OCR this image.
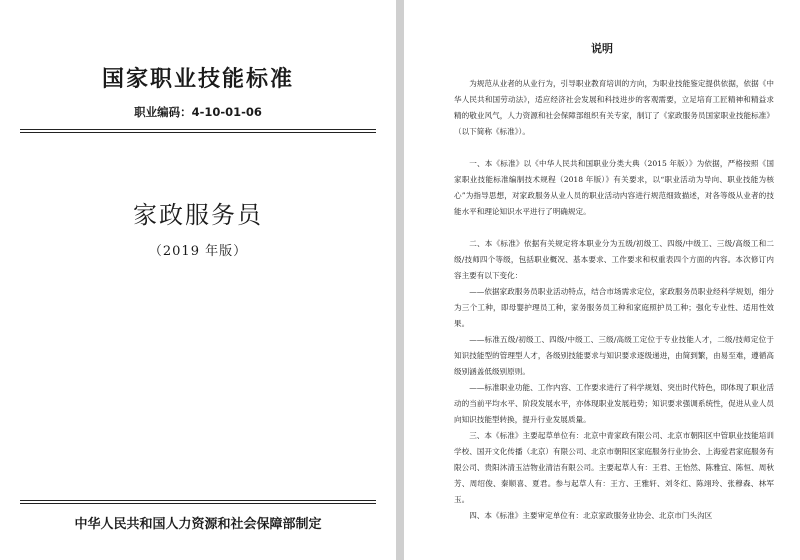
国家职业技能标准
职业编码：4-10-01-06
家政服务员
（2019 年版）
中华人民共和国人力资源和社会保障部制定
说明

为规范从业者的从业行为，引导职业教育培训的方向，为职业技能鉴定提供依据，依据《中华人民共和国劳动法》，适应经济社会发展和科技进步的客观需要，立足培育工匠精神和精益求精的敬业风气，人力资源和社会保障部组织有关专家，制订了《家政服务员国家职业技能标准》（以下简称《标准》）。

一、本《标准》以《中华人民共和国职业分类大典（2015 年版）》为依据，严格按照《国家职业技能标准编制技术规程（2018 年版）》有关要求，以“职业活动为导向、职业技能为核心”为指导思想，对家政服务从业人员的职业活动内容进行规范细致描述，对各等级从业者的技能水平和理论知识水平进行了明确规定。

二、本《标准》依据有关规定将本职业分为五级/初级工、四级/中级工、三级/高级工和二级/技师四个等级，包括职业概况、基本要求、工作要求和权重表四个方面的内容。本次修订内容主要有以下变化：

——依据家政服务员职业活动特点，结合市场需求定位，家政服务员职业经科学规划，细分为三个工种，即母婴护理员工种，家务服务员工种和家庭照护员工种；强化专业性、适用性效果。

——标准五级/初级工、四级/中级工、三级/高级工定位于专业技能人才，二级/技师定位于知识技能型的管理型人才，各级别技能要求与知识要求逐级递进，由简到繁，由易至难，遵循高级别涵盖低级别原则。

——标准职业功能、工作内容、工作要求进行了科学规划、突出时代特色，即体现了职业活动的当前平均水平、阶段发展水平，亦体现职业发展趋势；知识要求强调系统性，促进从业人员向知识技能型转换，提升行业发展质量。

三、本《标准》主要起草单位有：北京中青家政有限公司、北京市朝阳区中管职业技能培训学校、国开文化传播（北京）有限公司、北京市朝阳区家庭服务行业协会、上海爱君家庭服务有限公司、贵阳沐清玉洁物业清洁有限公司。主要起草人有：王君、王怡然、陈雅宜、陈恒、周秋芳、周绍俊、秦顺喜、夏君。参与起草人有：王方、王雅轩、刘冬红、陈翊玲、张穆森、林军玉。

四、本《标准》主要审定单位有：北京家政服务业协会、北京市门头沟区
